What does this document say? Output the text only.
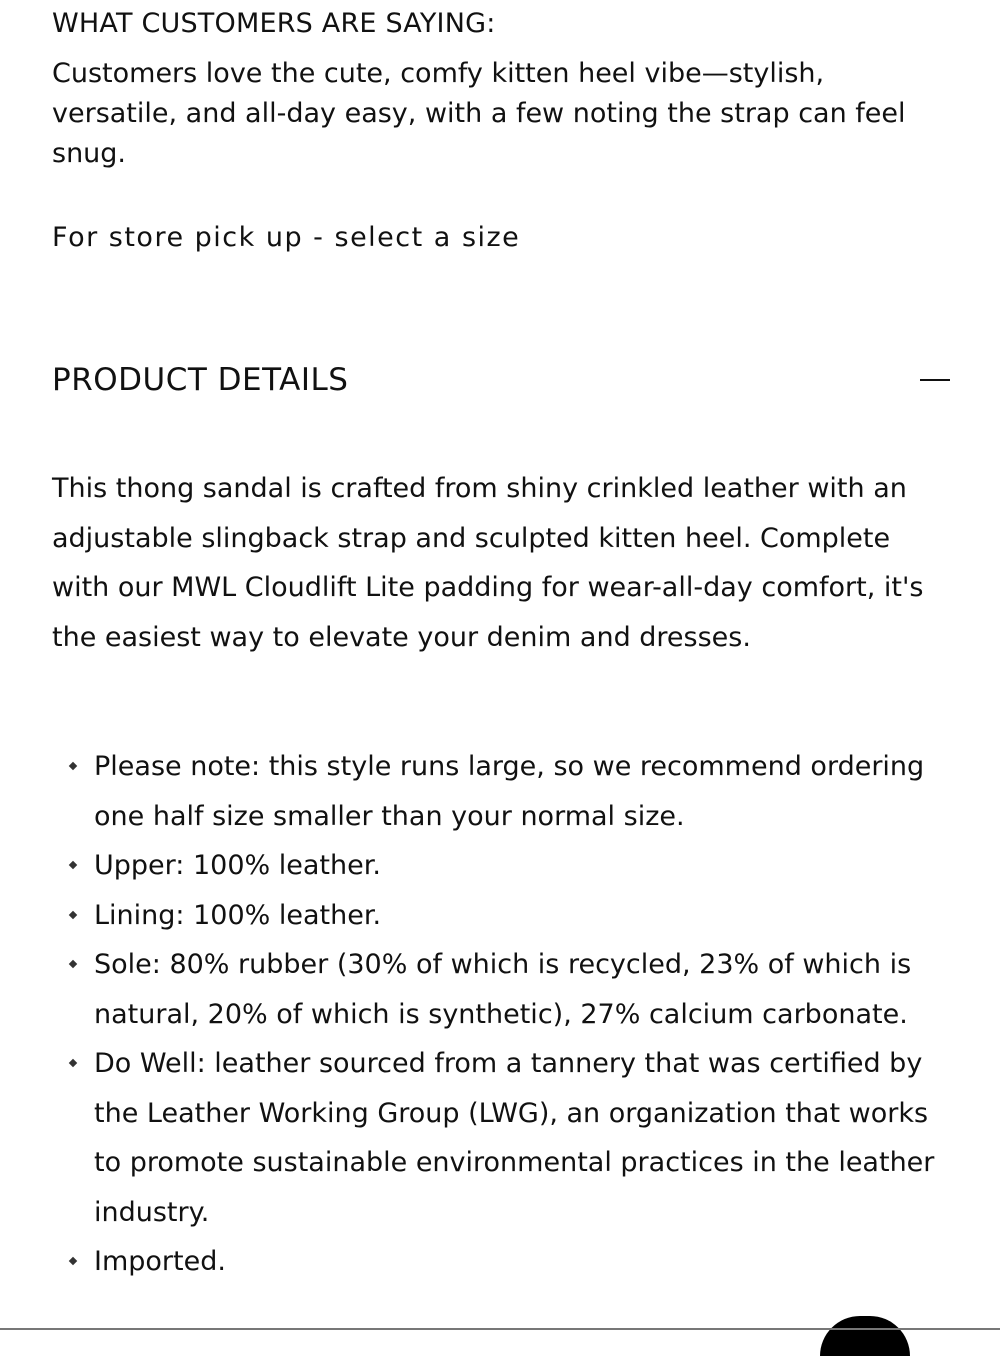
WHAT CUSTOMERS ARE SAYING:

Customers love the cute, comfy kitten heel vibe—stylish, versatile, and all-day easy, with a few noting the strap can feel snug.

For store pick up - select a size

PRODUCT DETAILS

This thong sandal is crafted from shiny crinkled leather with an adjustable slingback strap and sculpted kitten heel. Complete with our MWL Cloudlift Lite padding for wear-all-day comfort, it's the easiest way to elevate your denim and dresses.

Please note: this style runs large, so we recommend ordering one half size smaller than your normal size.
Upper: 100% leather.
Lining: 100% leather.
Sole: 80% rubber (30% of which is recycled, 23% of which is natural, 20% of which is synthetic), 27% calcium carbonate.
Do Well: leather sourced from a tannery that was certified by the Leather Working Group (LWG), an organization that works to promote sustainable environmental practices in the leather industry.
Imported.
